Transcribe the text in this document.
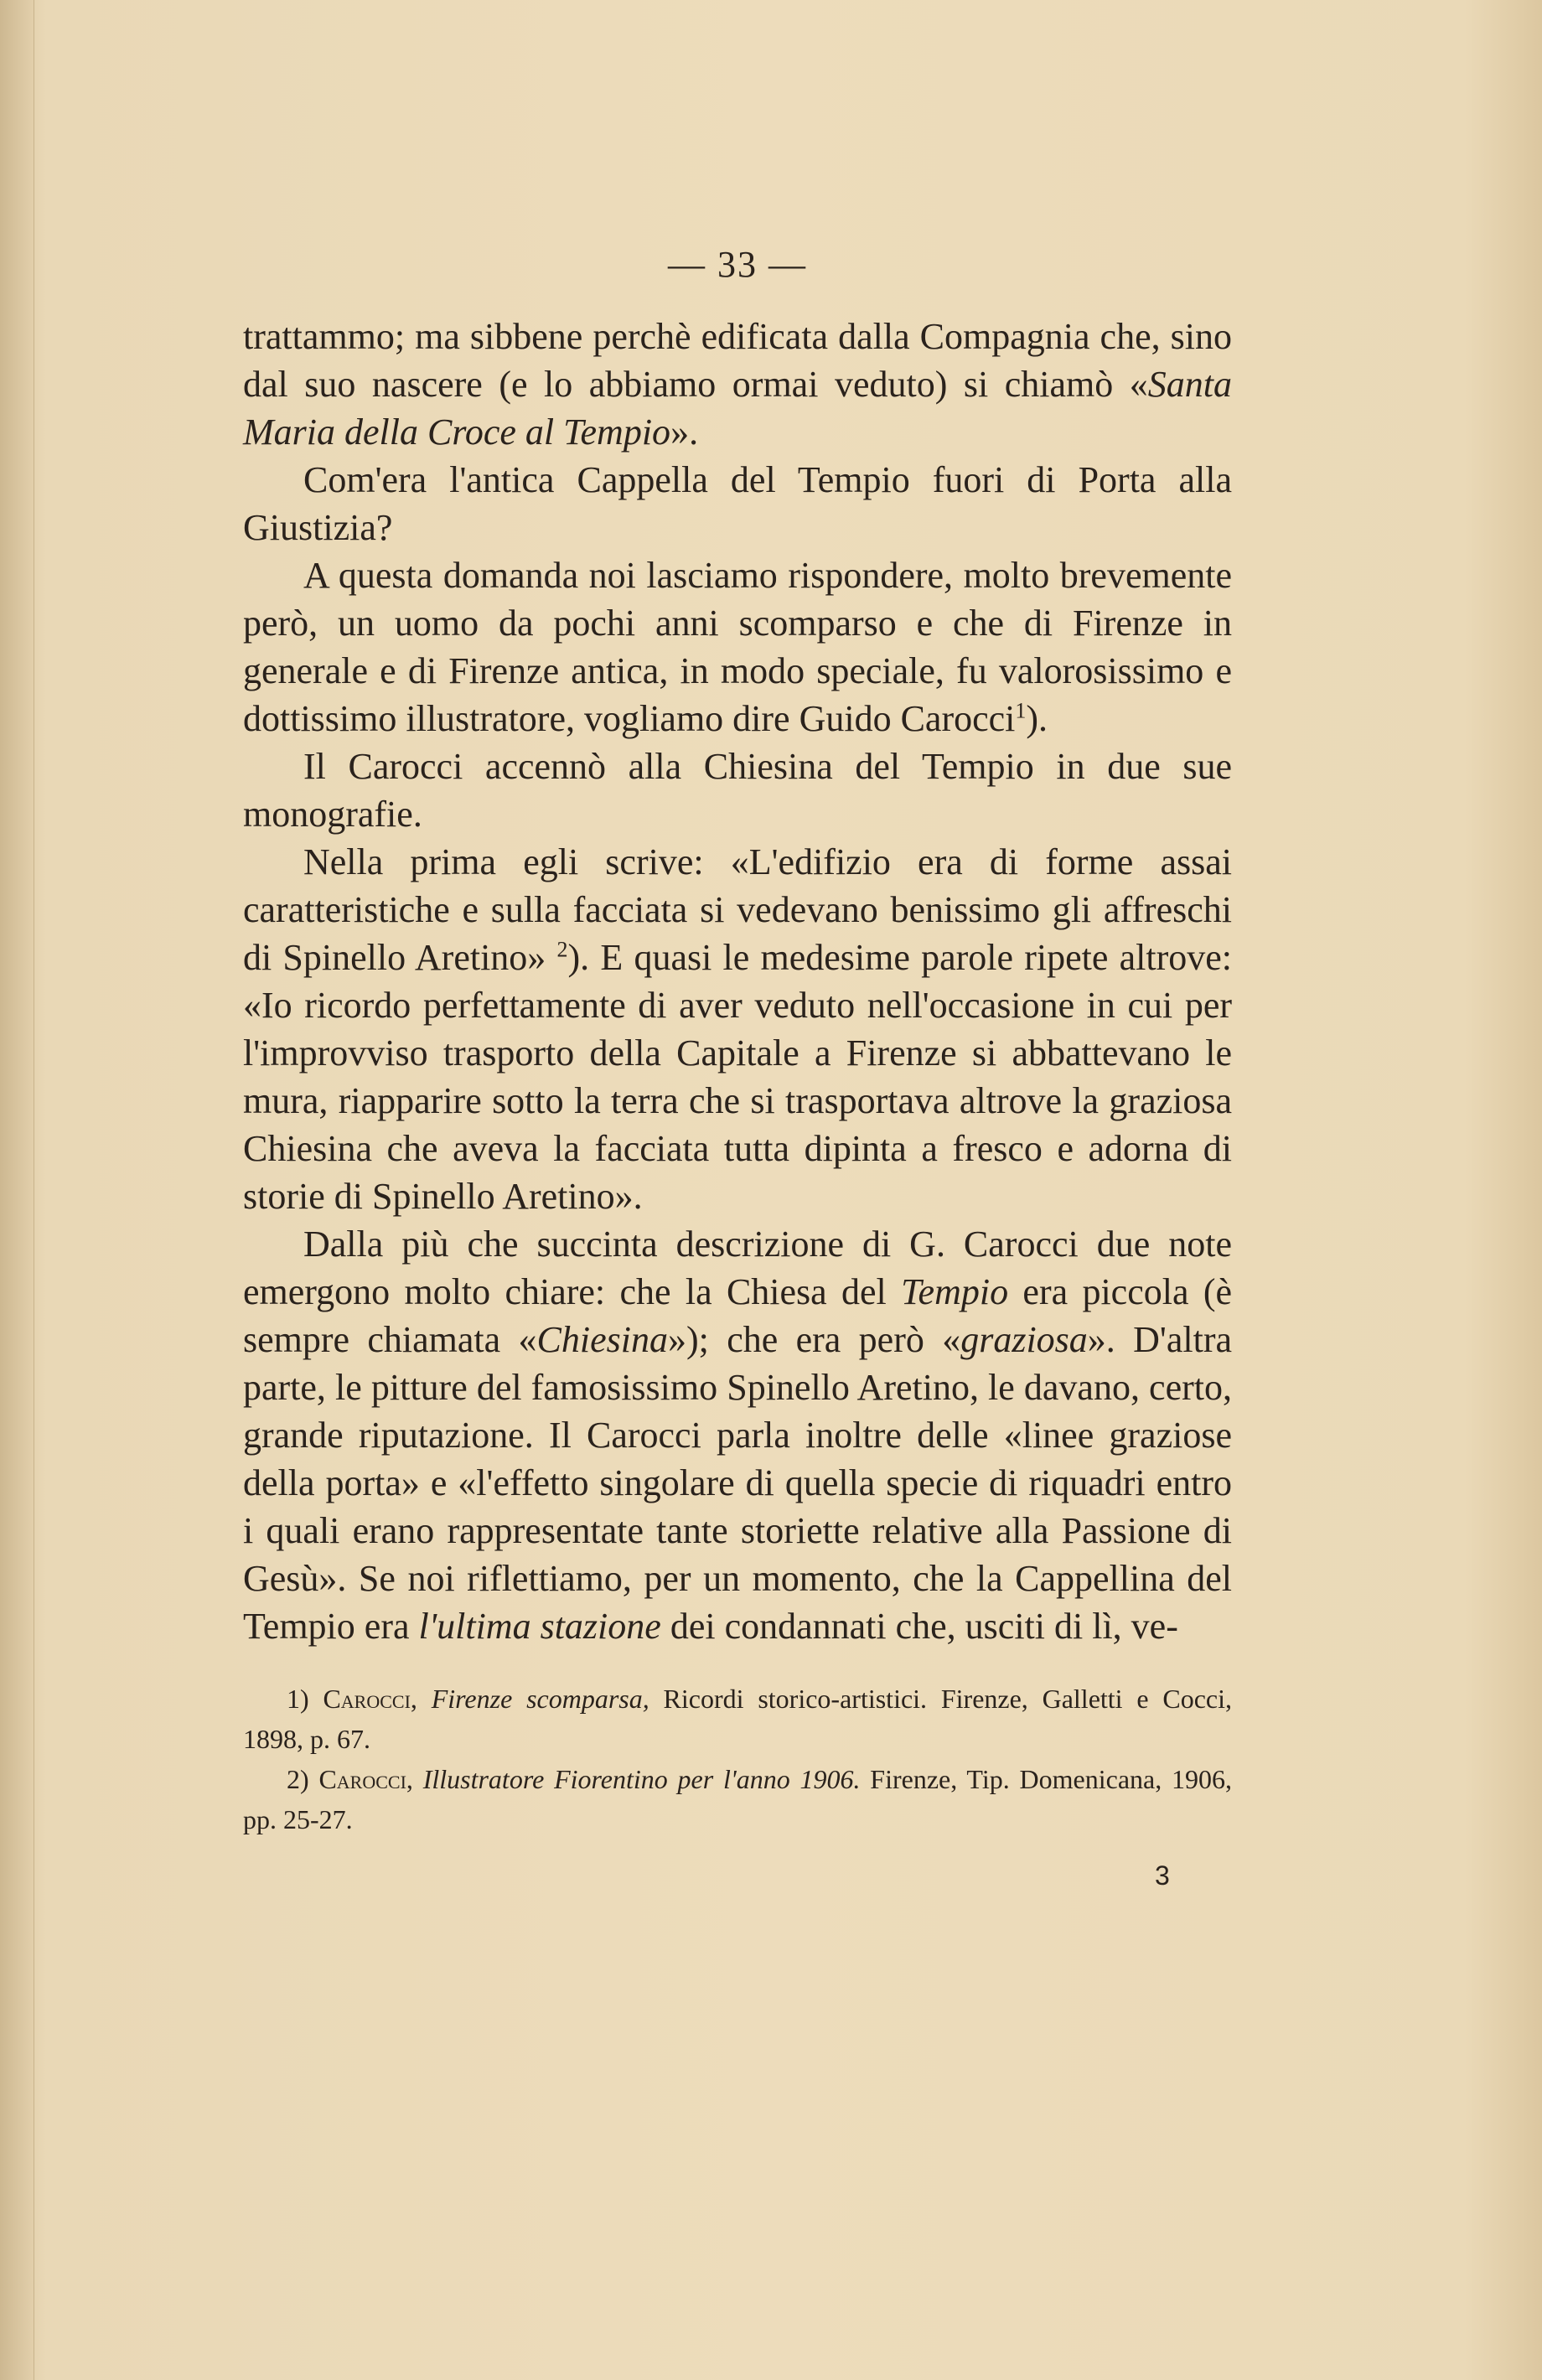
— 33 —

trattammo; ma sibbene perchè edificata dalla Compagnia che, sino dal suo nascere (e lo abbiamo ormai veduto) si chiamò «Santa Maria della Croce al Tempio».

Com'era l'antica Cappella del Tempio fuori di Porta alla Giustizia?

A questa domanda noi lasciamo rispondere, molto brevemente però, un uomo da pochi anni scomparso e che di Firenze in generale e di Firenze antica, in modo speciale, fu valorosissimo e dottissimo illustratore, vogliamo dire Guido Carocci$^1$).

Il Carocci accennò alla Chiesina del Tempio in due sue monografie.

Nella prima egli scrive: «L'edifizio era di forme assai caratteristiche e sulla facciata si vedevano benissimo gli affreschi di Spinello Aretino» $^2$). E quasi le medesime parole ripete altrove: «Io ricordo perfettamente di aver veduto nell'occasione in cui per l'improvviso trasporto della Capitale a Firenze si abbattevano le mura, riapparire sotto la terra che si trasportava altrove la graziosa Chiesina che aveva la facciata tutta dipinta a fresco e adorna di storie di Spinello Aretino».

Dalla più che succinta descrizione di G. Carocci due note emergono molto chiare: che la Chiesa del Tempio era piccola (è sempre chiamata «Chiesina»); che era però «graziosa». D'altra parte, le pitture del famosissimo Spinello Aretino, le davano, certo, grande riputazione. Il Carocci parla inoltre delle «linee graziose della porta» e «l'effetto singolare di quella specie di riquadri entro i quali erano rappresentate tante storiette relative alla Passione di Gesù». Se noi riflettiamo, per un momento, che la Cappellina del Tempio era l'ultima stazione dei condannati che, usciti di lì, ve-

1) Carocci, Firenze scomparsa, Ricordi storico-artistici. Firenze, Galletti e Cocci, 1898, p. 67.

2) Carocci, Illustratore Fiorentino per l'anno 1906. Firenze, Tip. Domenicana, 1906, pp. 25-27.

3
